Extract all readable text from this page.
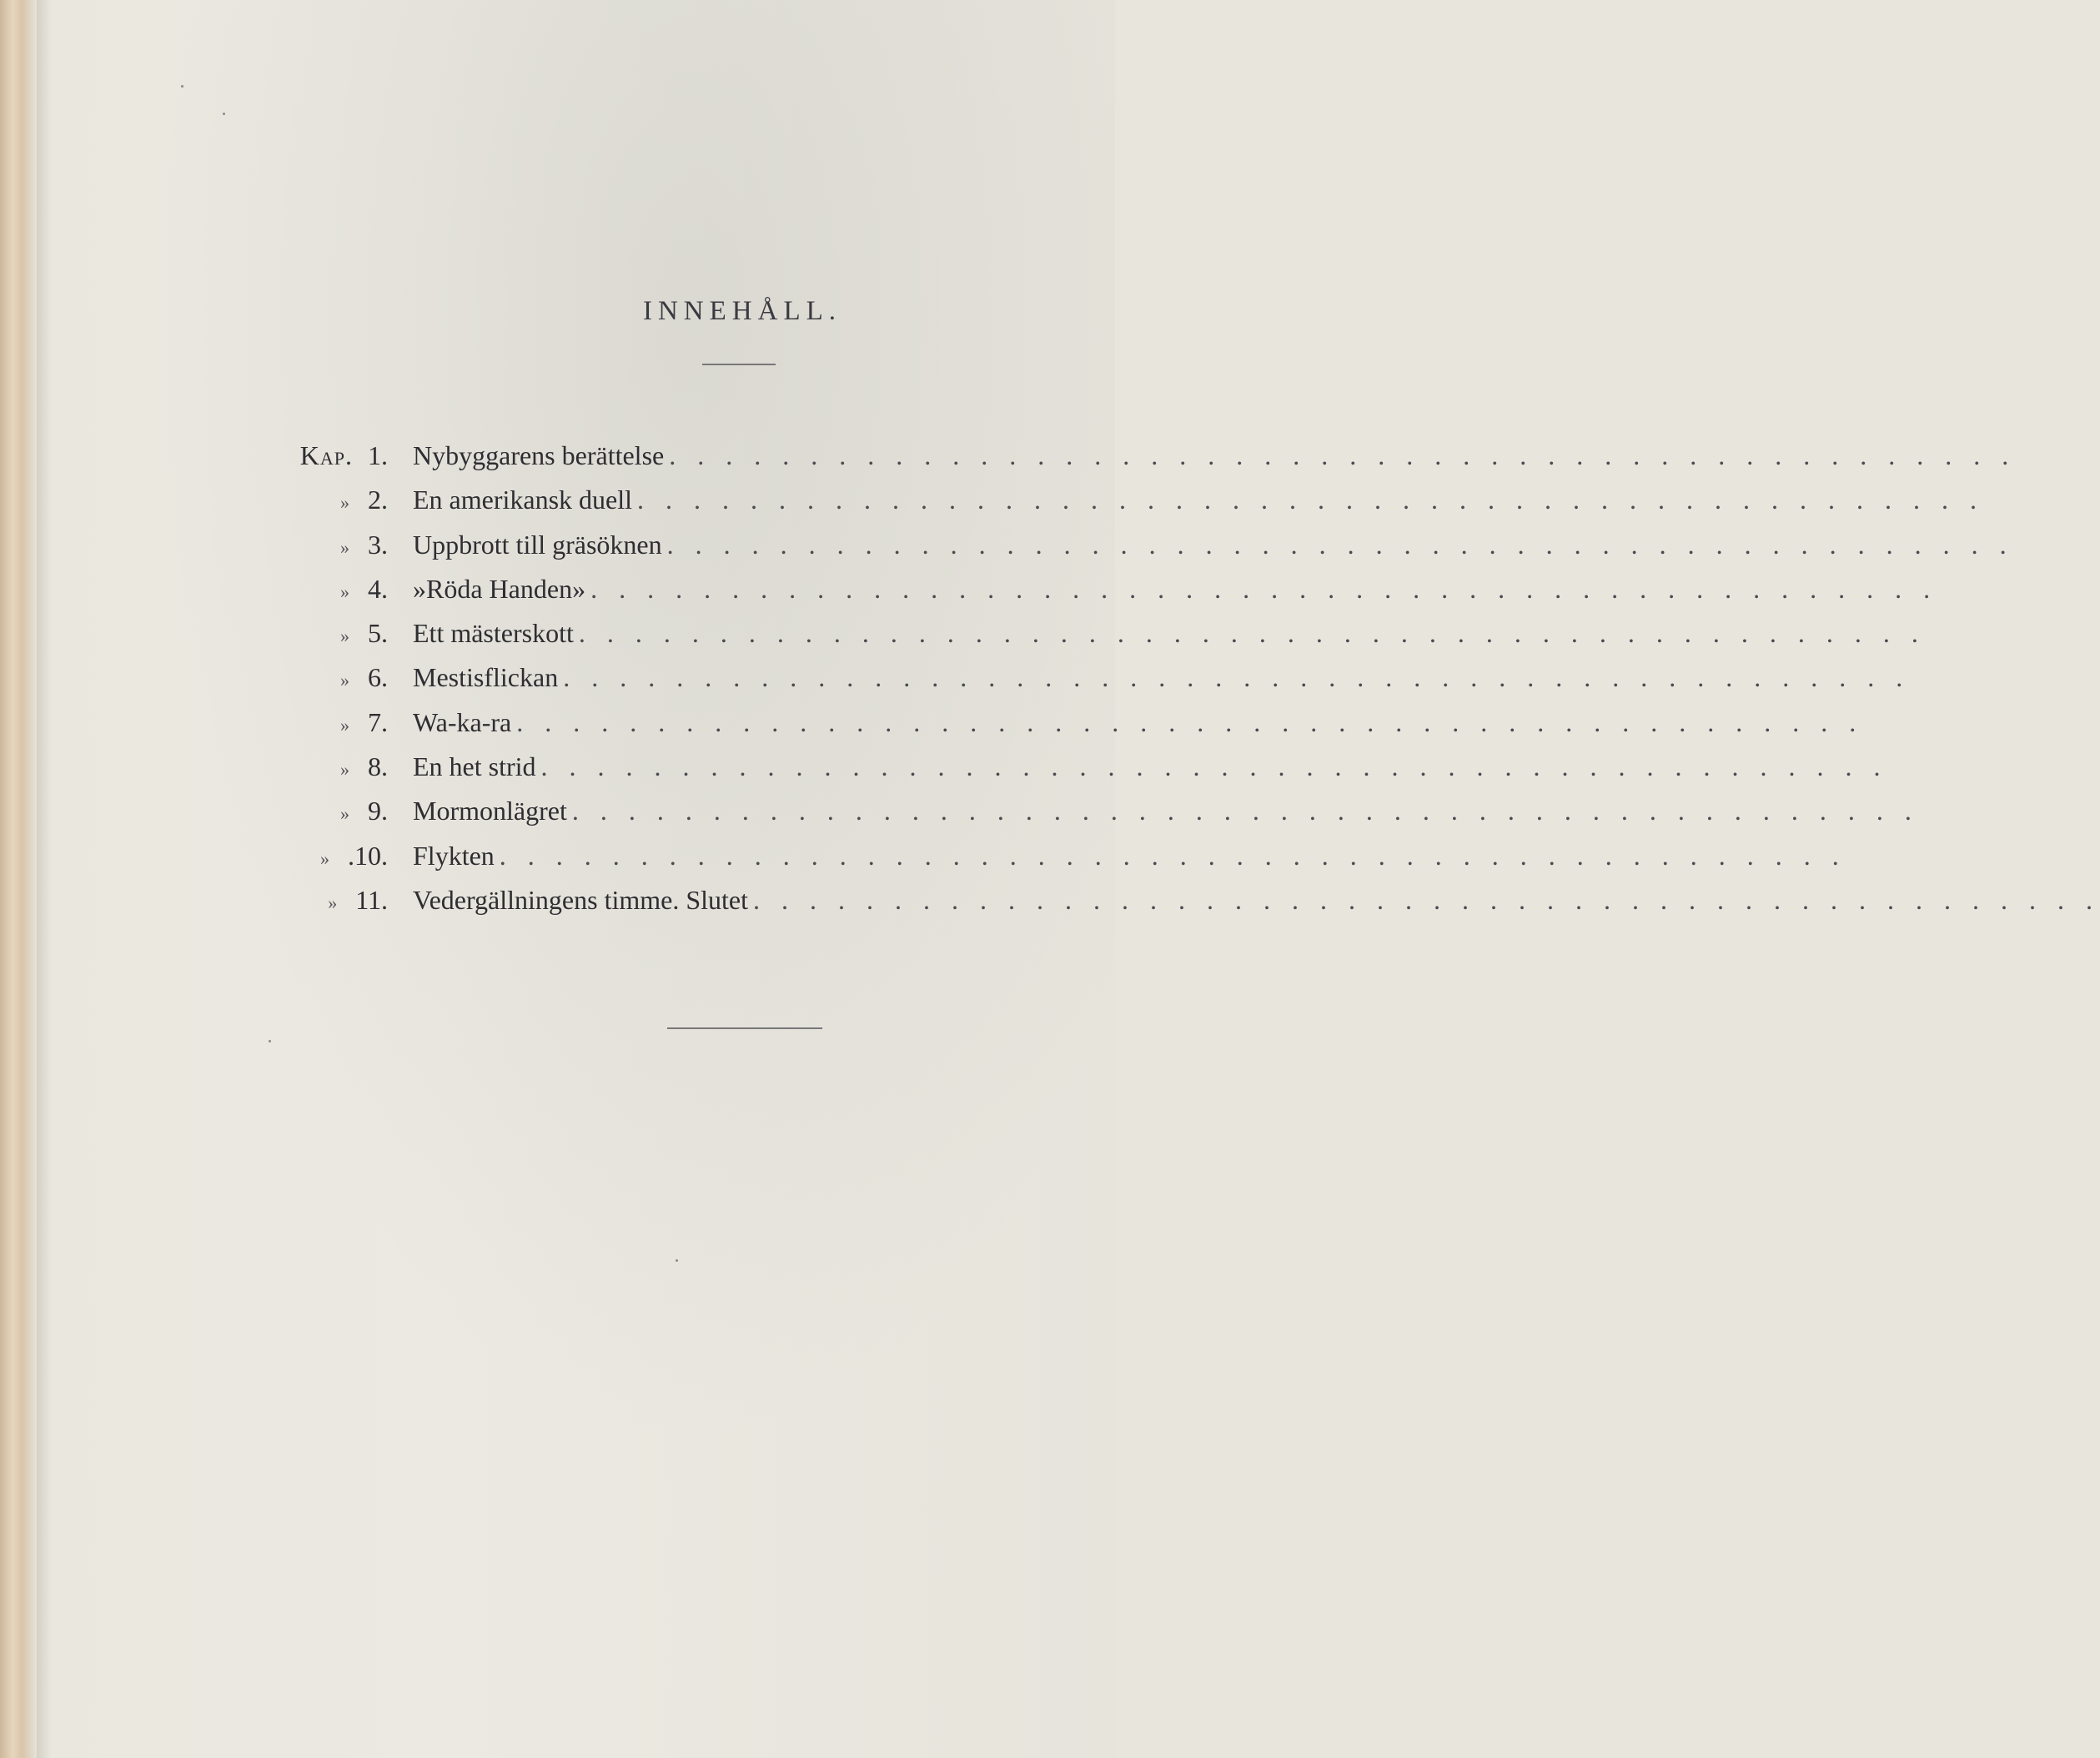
INNEHÅLL.
Kap. 1. Nybyggarens berättelse . . . . . . . . . . . . . . . . . . . . . . . . . . . . . . . . . . . . . . . . . . . . . . . .
» 2. En amerikansk duell . . . . . . . . . . . . . . . . . . . . . . . . . . . . . . . . . . . . . . . . . . . . . . . .
» 3. Uppbrott till gräsöknen . . . . . . . . . . . . . . . . . . . . . . . . . . . . . . . . . . . . . . . . . . . . . . . .
» 4. »Röda Handen» . . . . . . . . . . . . . . . . . . . . . . . . . . . . . . . . . . . . . . . . . . . . . . . .
» 5. Ett mästerskott . . . . . . . . . . . . . . . . . . . . . . . . . . . . . . . . . . . . . . . . . . . . . . . .
» 6. Mestisflickan . . . . . . . . . . . . . . . . . . . . . . . . . . . . . . . . . . . . . . . . . . . . . . . .
» 7. Wa-ka-ra . . . . . . . . . . . . . . . . . . . . . . . . . . . . . . . . . . . . . . . . . . . . . . . .
» 8. En het strid . . . . . . . . . . . . . . . . . . . . . . . . . . . . . . . . . . . . . . . . . . . . . . . .
» 9. Mormonlägret . . . . . . . . . . . . . . . . . . . . . . . . . . . . . . . . . . . . . . . . . . . . . . . .
» .10. Flykten . . . . . . . . . . . . . . . . . . . . . . . . . . . . . . . . . . . . . . . . . . . . . . . .
» 11. Vedergällningens timme. Slutet . . . . . . . . . . . . . . . . . . . . . . . . . . . . . . . . . . . . . . . . . . . . . . . .
